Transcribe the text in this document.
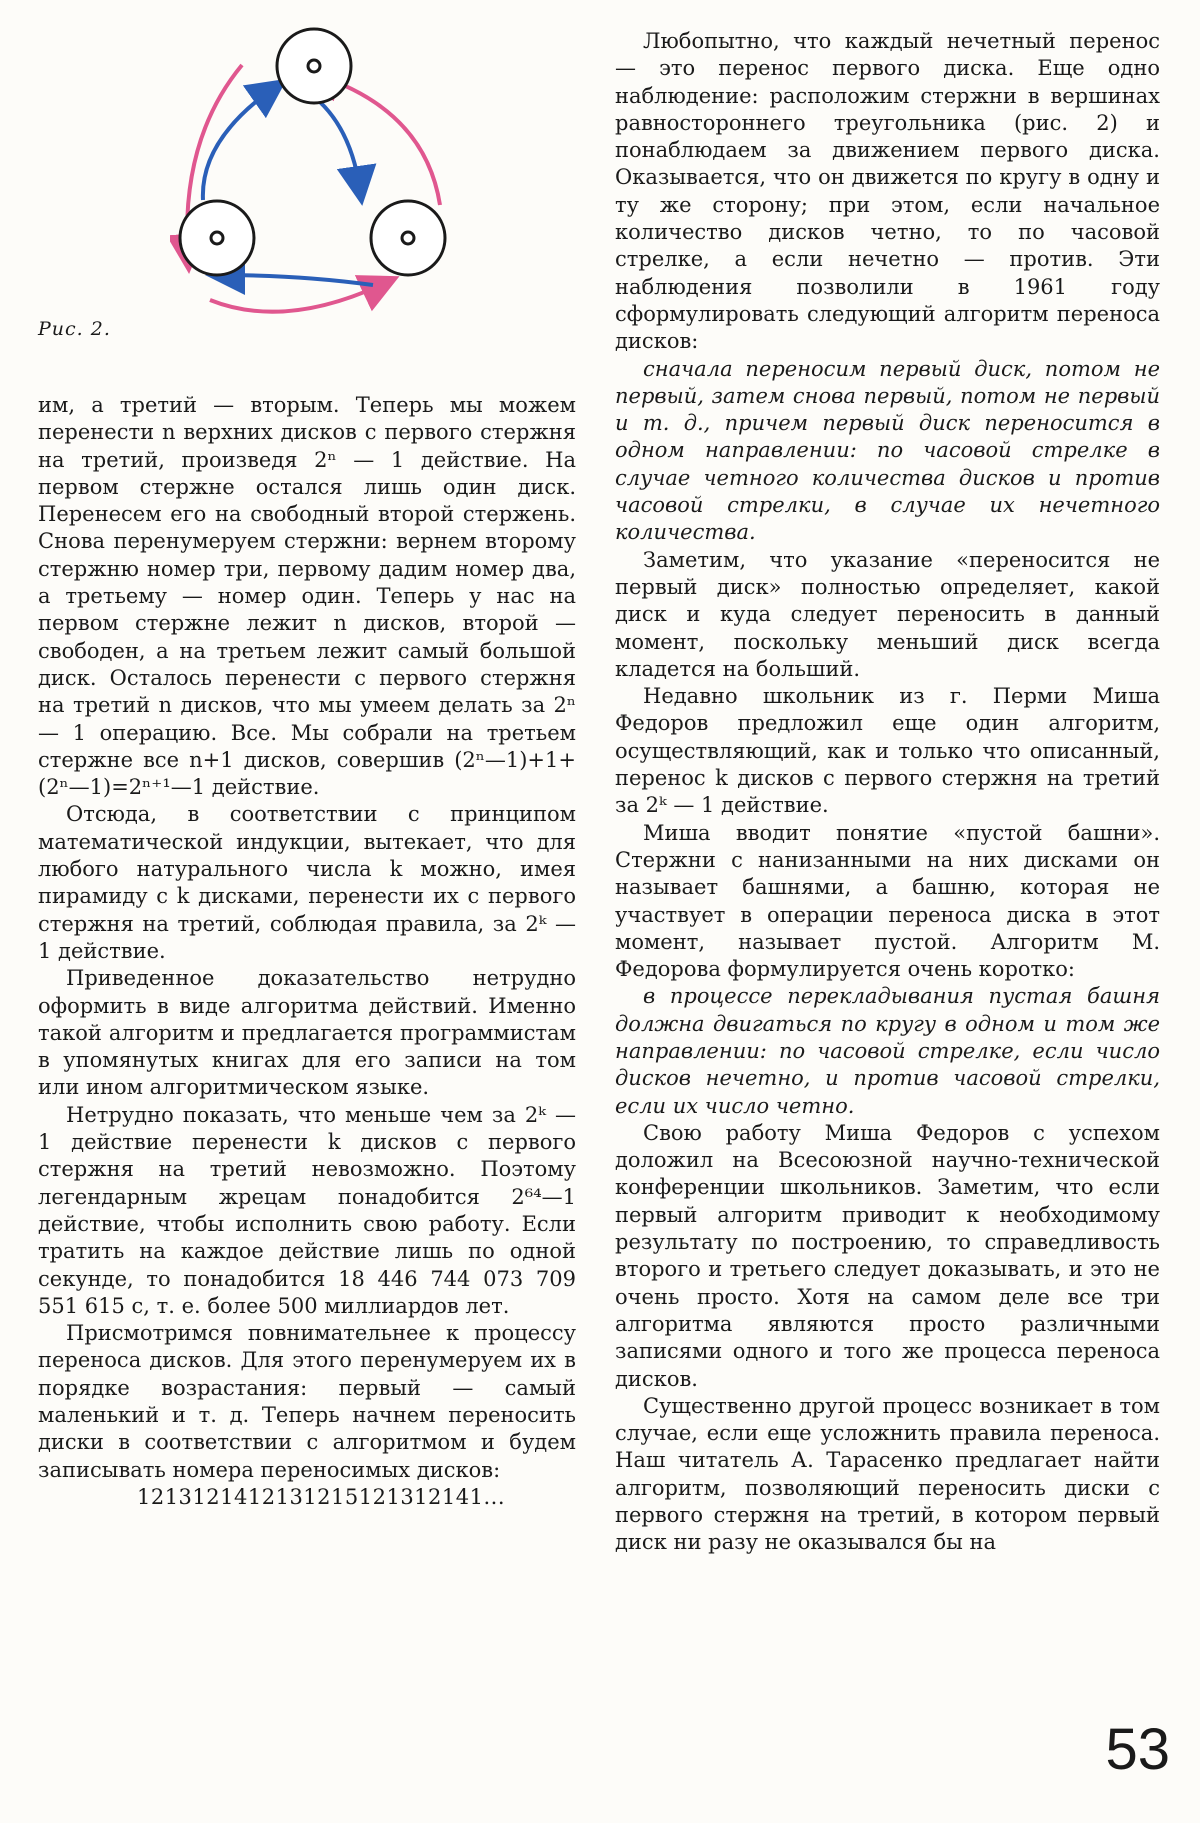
Рис. 2.

им, а третий — вторым. Теперь мы можем перенести n верхних дисков с первого стержня на третий, произведя 2ⁿ — 1 действие. На первом стержне остался лишь один диск. Перенесем его на свободный второй стержень. Снова перенумеруем стержни: вернем второму стержню номер три, первому дадим номер два, а третьему — номер один. Теперь у нас на первом стержне лежит n дисков, второй — свободен, а на третьем лежит самый большой диск. Осталось перенести с первого стержня на третий n дисков, что мы умеем делать за 2ⁿ — 1 операцию. Все. Мы собрали на третьем стержне все n+1 дисков, совершив (2ⁿ—1)+1+(2ⁿ—1)=2ⁿ⁺¹—1 действие.

Отсюда, в соответствии с принципом математической индукции, вытекает, что для любого натурального числа k можно, имея пирамиду с k дисками, перенести их с первого стержня на третий, соблюдая правила, за 2ᵏ — 1 действие.

Приведенное доказательство нетрудно оформить в виде алгоритма действий. Именно такой алгоритм и предлагается программистам в упомянутых книгах для его записи на том или ином алгоритмическом языке.

Нетрудно показать, что меньше чем за 2ᵏ — 1 действие перенести k дисков с первого стержня на третий невозможно. Поэтому легендарным жрецам понадобится 2⁶⁴—1 действие, чтобы исполнить свою работу. Если тратить на каждое действие лишь по одной секунде, то понадобится 18 446 744 073 709 551 615 с, т. е. более 500 миллиардов лет.

Присмотримся повнимательнее к процессу переноса дисков. Для этого перенумеруем их в порядке возрастания: первый — самый маленький и т. д. Теперь начнем переносить диски в соответствии с алгоритмом и будем записывать номера переносимых дисков:

1213121412131215121312141...

Любопытно, что каждый нечетный перенос — это перенос первого диска. Еще одно наблюдение: расположим стержни в вершинах равностороннего треугольника (рис. 2) и понаблюдаем за движением первого диска. Оказывается, что он движется по кругу в одну и ту же сторону; при этом, если начальное количество дисков четно, то по часовой стрелке, а если нечетно — против. Эти наблюдения позволили в 1961 году сформулировать следующий алгоритм переноса дисков:

сначала переносим первый диск, потом не первый, затем снова первый, потом не первый и т. д., причем первый диск переносится в одном направлении: по часовой стрелке в случае четного количества дисков и против часовой стрелки, в случае их нечетного количества.

Заметим, что указание «переносится не первый диск» полностью определяет, какой диск и куда следует переносить в данный момент, поскольку меньший диск всегда кладется на больший.

Недавно школьник из г. Перми Миша Федоров предложил еще один алгоритм, осуществляющий, как и только что описанный, перенос k дисков с первого стержня на третий за 2ᵏ — 1 действие.

Миша вводит понятие «пустой башни». Стержни с нанизанными на них дисками он называет башнями, а башню, которая не участвует в операции переноса диска в этот момент, называет пустой. Алгоритм М. Федорова формулируется очень коротко:

в процессе перекладывания пустая башня должна двигаться по кругу в одном и том же направлении: по часовой стрелке, если число дисков нечетно, и против часовой стрелки, если их число четно.

Свою работу Миша Федоров с успехом доложил на Всесоюзной научно-технической конференции школьников. Заметим, что если первый алгоритм приводит к необходимому результату по построению, то справедливость второго и третьего следует доказывать, и это не очень просто. Хотя на самом деле все три алгоритма являются просто различными записями одного и того же процесса переноса дисков.

Существенно другой процесс возникает в том случае, если еще усложнить правила переноса. Наш читатель А. Тарасенко предлагает найти алгоритм, позволяющий переносить диски с первого стержня на третий, в котором первый диск ни разу не оказывался бы на

53
